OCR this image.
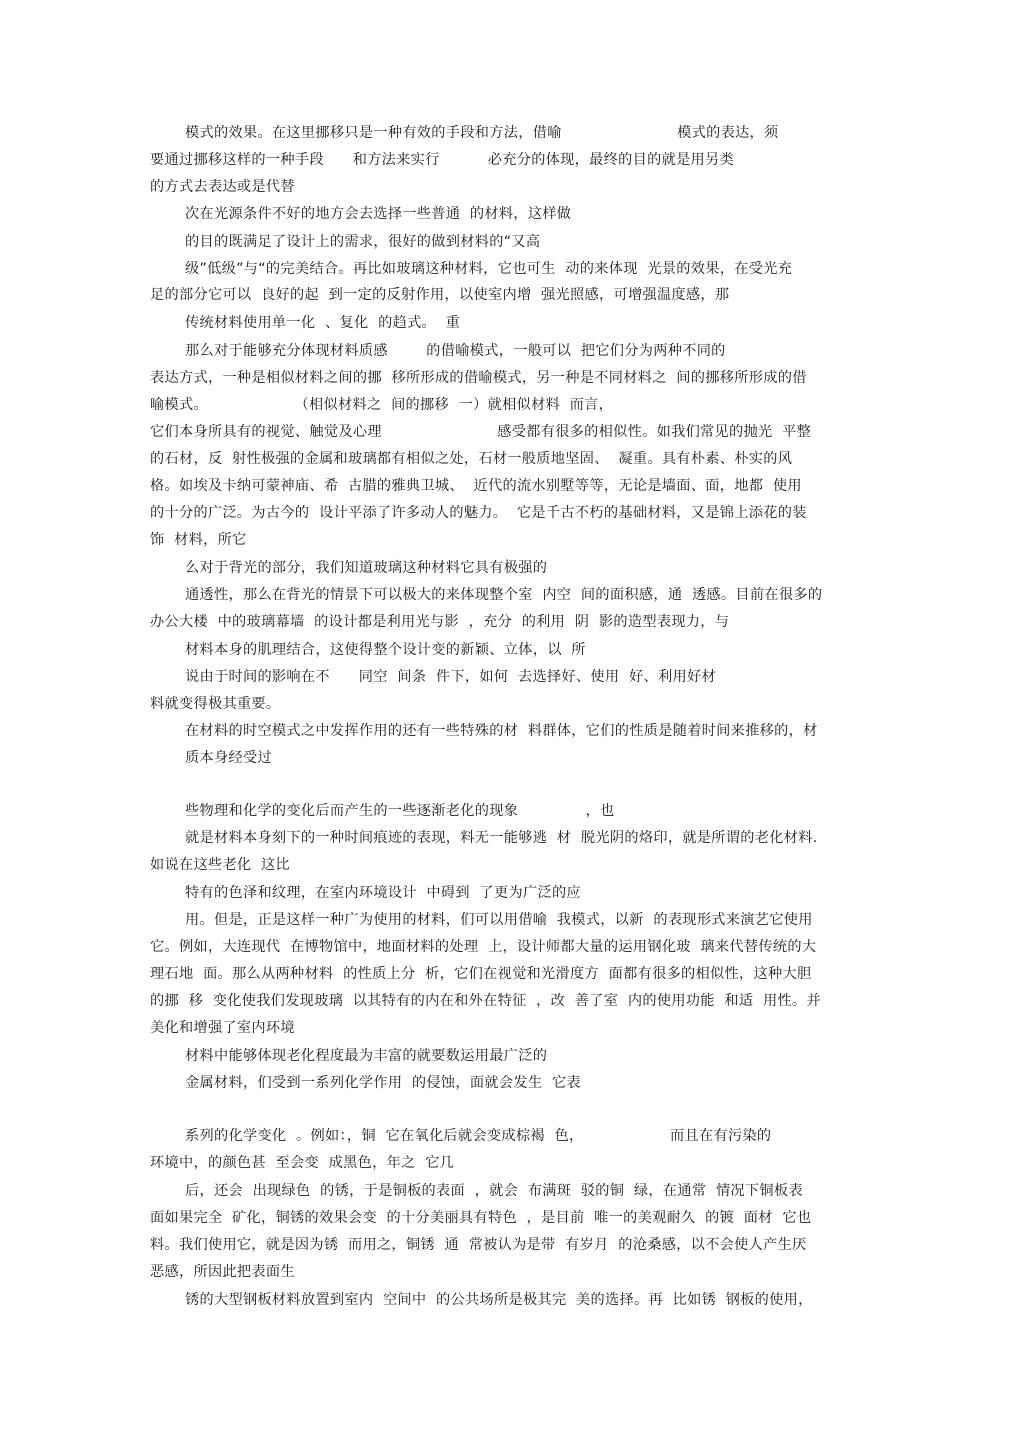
模式的效果。在这里挪移只是一种有效的手段和方法，借喻                        模式的表达，须
要通过挪移这样的一种手段      和方法来实行          必充分的体现，最终的目的就是用另类
的方式去表达或是代替
次在光源条件不好的地方会去选择一些普通  的材料，这样做
的目的既满足了设计上的需求，很好的做到材料的“又高
级”低级”与“的完美结合。再比如玻璃这种材料，它也可生  动的来体现  光景的效果，在受光充
足的部分它可以  良好的起  到一定的反射作用，以使室内增  强光照感，可增强温度感，那
传统材料使用单一化  、复化  的趋式。  重
那么对于能够充分体现材料质感        的借喻模式，一般可以  把它们分为两种不同的
表达方式，一种是相似材料之间的挪  移所形成的借喻模式，另一种是不同材料之  间的挪移所形成的借
喻模式。                  （相似材料之  间的挪移  一）就相似材料  而言，
它们本身所具有的视觉、触觉及心理                        感受都有很多的相似性。如我们常见的抛光  平整
的石材，反  射性极强的金属和玻璃都有相似之处，石材一般质地坚固、  凝重。具有朴素、朴实的风
格。如埃及卡纳可蒙神庙、希  古腊的雅典卫城、  近代的流水别墅等等，无论是墙面、面，地都  使用
的十分的广泛。为古今的  设计平添了许多动人的魅力。  它是千古不朽的基础材料，又是锦上添花的装
饰  材料，所它
么对于背光的部分，我们知道玻璃这种材料它具有极强的
通透性，那么在背光的情景下可以极大的来体现整个室  内空  间的面积感，通  透感。目前在很多的
办公大楼  中的玻璃幕墙  的设计都是利用光与影  ，充分  的利用  阴  影的造型表现力，与
材料本身的肌理结合，这使得整个设计变的新颖、立体，以  所
说由于时间的影响在不      同空  间条  件下，如何  去选择好、使用  好、利用好材
料就变得极其重要。
在材料的时空模式之中发挥作用的还有一些特殊的材  料群体，它们的性质是随着时间来推移的，材
质本身经受过
些物理和化学的变化后而产生的一些逐渐老化的现象              ，也
就是材料本身刻下的一种时间痕迹的表现，料无一能够逃  材  脱光阴的烙印，就是所谓的老化材料.
如说在这些老化  这比
特有的色泽和纹理，在室内环境设计  中碍到  了更为广泛的应
用。但是，正是这样一种广为使用的材料，们可以用借喻  我模式，以新  的表现形式来演艺它使用
它。例如，大连现代  在博物馆中，地面材料的处理  上，设计师都大量的运用钢化玻  璃来代替传统的大
理石地  面。那么从两种材料  的性质上分  析，它们在视觉和光滑度方  面都有很多的相似性，这种大胆
的挪  移  变化使我们发现玻璃  以其特有的内在和外在特征  ，改  善了室  内的使用功能  和适  用性。并
美化和增强了室内环境
材料中能够体现老化程度最为丰富的就要数运用最广泛的
金属材料，们受到一系列化学作用  的侵蚀，面就会发生  它表
系列的化学变化  。例如：，铜  它在氧化后就会变成棕褐  色，                  而且在有污染的
环境中，的颜色甚  至会变  成黑色，年之  它几
后，还会  出现绿色  的锈，于是铜板的表面  ，就会  布满斑  驳的铜  绿，在通常  情况下铜板表
面如果完全  矿化，铜锈的效果会变  的十分美丽具有特色  ，是目前  唯一的美观耐久  的镀  面材  它也
料。我们使用它，就是因为锈  而用之，铜锈  通  常被认为是带  有岁月  的沧桑感，以不会使人产生厌
恶感，所因此把表面生
锈的大型钢板材料放置到室内  空间中  的公共场所是极其完  美的选择。再  比如锈  钢板的使用，
